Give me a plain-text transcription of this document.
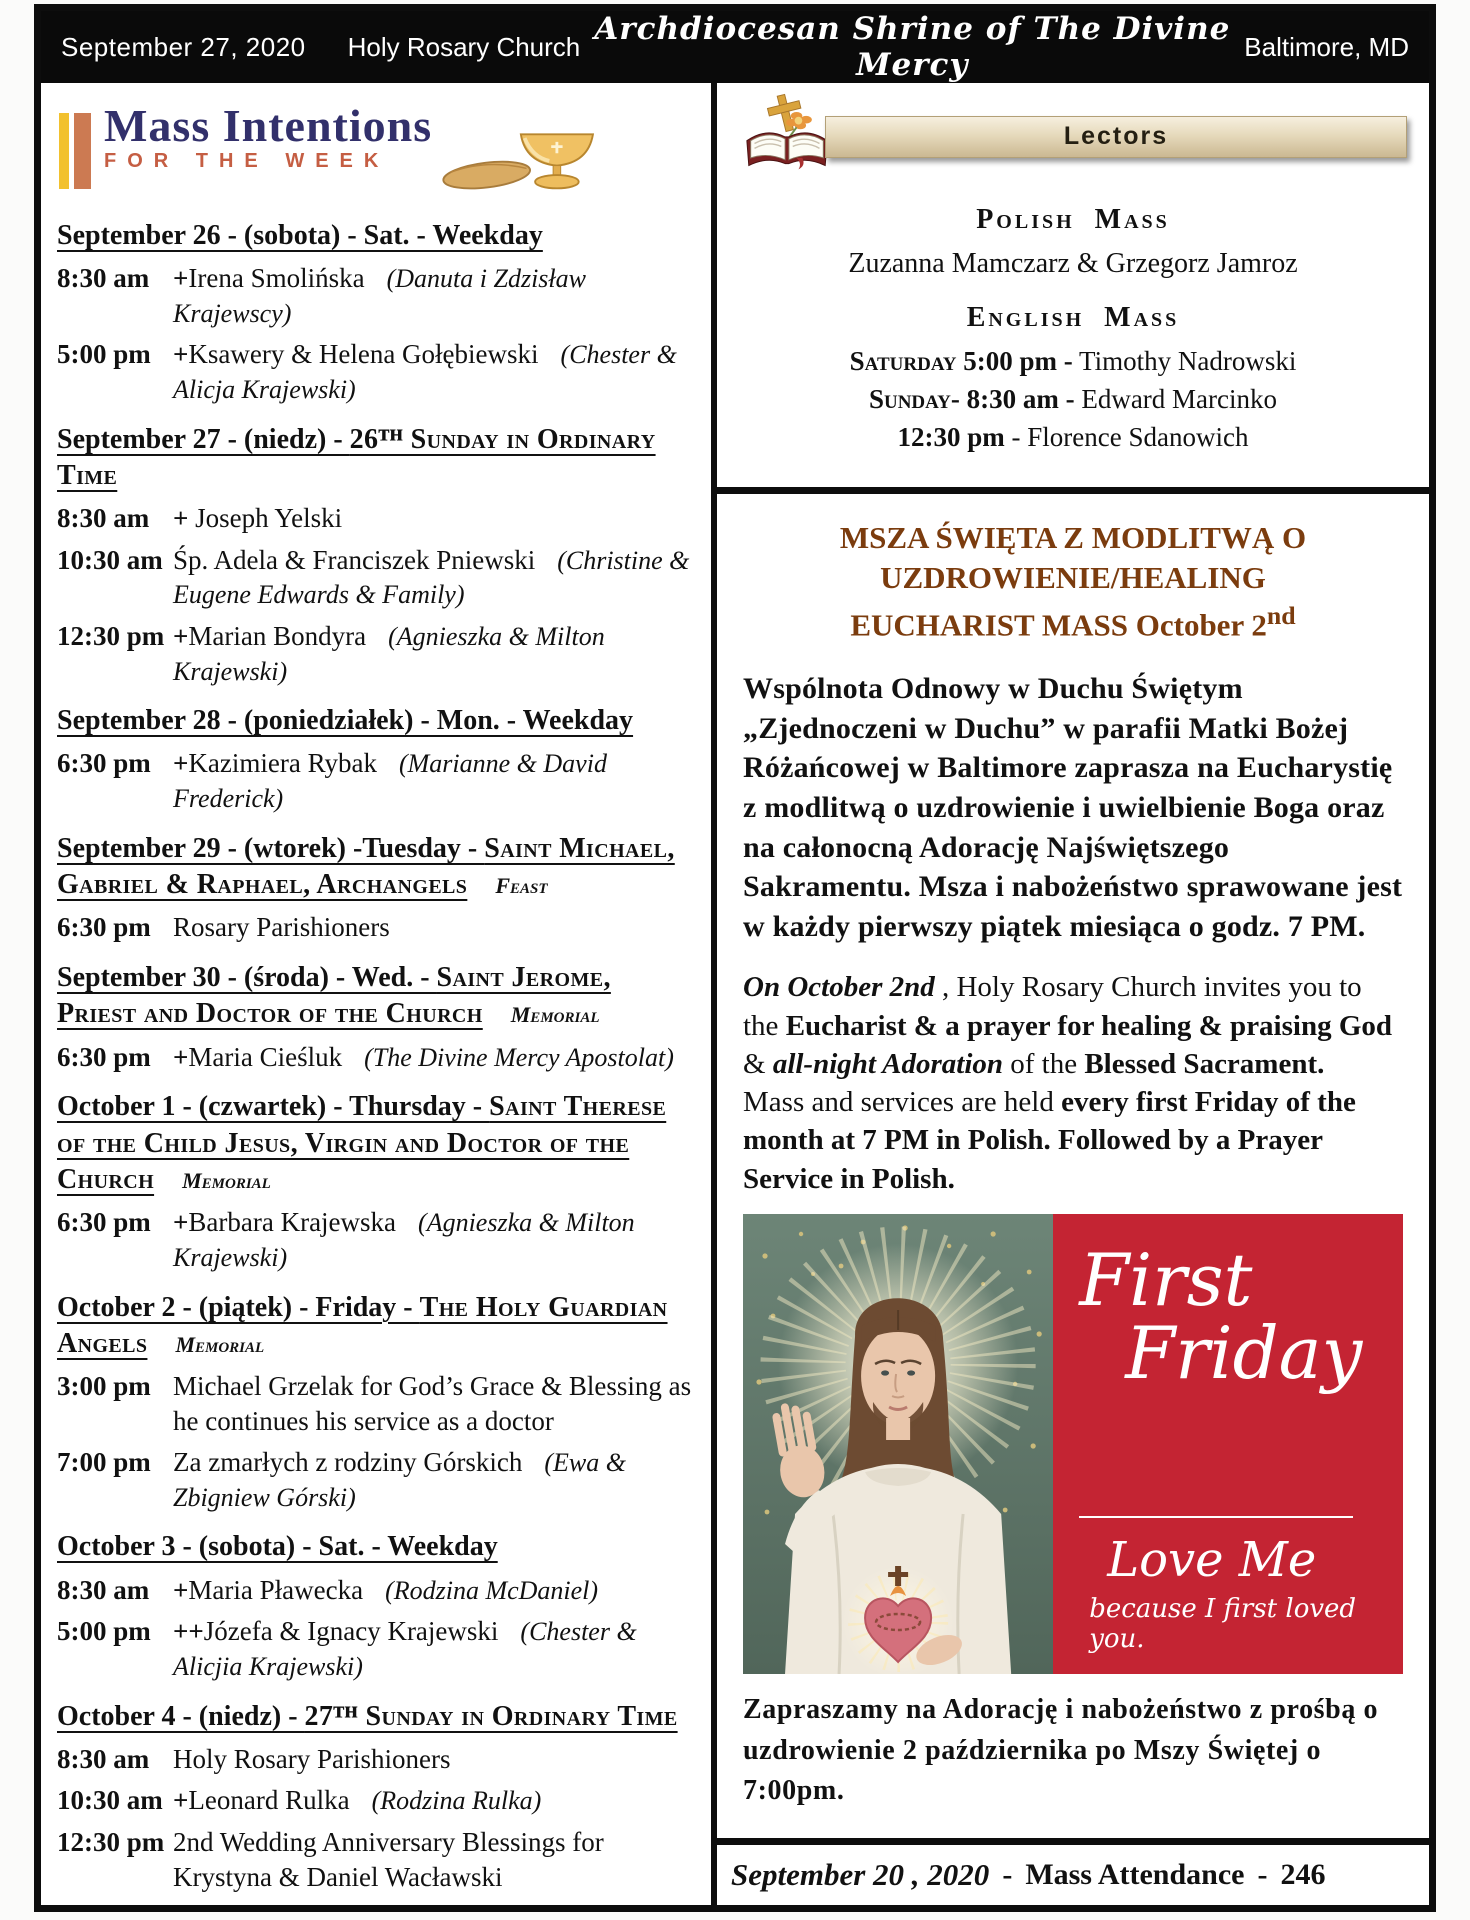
September 27, 2020 Holy Rosary Church Archdiocesan Shrine of The Divine Mercy
Baltimore, MD
Mass Intentions
FOR THE WEEK
September 26 - (sobota) - Sat. - Weekday
8:30 am +Irena Smolińska (Danuta i Zdzisław Krajewscy)
5:00 pm +Ksawery & Helena Gołębiewski (Chester & Alicja Krajewski)
September 27 - (niedz) - 26ᵀᴴ Sunday in Ordinary Time
8:30 am + Joseph Yelski
10:30 am Śp. Adela & Franciszek Pniewski (Christine & Eugene Edwards & Family)
12:30 pm +Marian Bondyra (Agnieszka & Milton Krajewski)
September 28 - (poniedziałek) - Mon. - Weekday
6:30 pm +Kazimiera Rybak (Marianne & David Frederick)
September 29 - (wtorek) -Tuesday - Saint Michael, Gabriel & Raphael, Archangels Feast
6:30 pm Rosary Parishioners
September 30 - (środa) - Wed. - Saint Jerome, Priest and Doctor of the Church Memorial
6:30 pm +Maria Cieśluk (The Divine Mercy Apostolat)
October 1 - (czwartek) - Thursday - Saint Therese of the Child Jesus, Virgin and Doctor of the Church Memorial
6:30 pm +Barbara Krajewska (Agnieszka & Milton Krajewski)
October 2 - (piątek) - Friday - The Holy Guardian Angels Memorial
3:00 pm Michael Grzelak for God’s Grace & Blessing as he continues his service as a doctor
7:00 pm Za zmarłych z rodziny Górskich (Ewa & Zbigniew Górski)
October 3 - (sobota) - Sat. - Weekday
8:30 am +Maria Pławecka (Rodzina McDaniel)
5:00 pm ++Józefa & Ignacy Krajewski (Chester & Alicjia Krajewski)
October 4 - (niedz) - 27ᵀᴴ Sunday in Ordinary Time
8:30 am Holy Rosary Parishioners
10:30 am +Leonard Rulka (Rodzina Rulka)
12:30 pm 2nd Wedding Anniversary Blessings for Krystyna & Daniel Wacławski
Lectors
Polish Mass
Zuzanna Mamczarz & Grzegorz Jamroz
English Mass
Saturday 5:00 pm - Timothy Nadrowski
Sunday- 8:30 am - Edward Marcinko
12:30 pm - Florence Sdanowich
MSZA ŚWIĘTA Z MODLITWĄ O
UZDROWIENIE/HEALING
EUCHARIST MASS October 2nd

Wspólnota Odnowy w Duchu Świętym „Zjednoczeni w Duchu” w parafii Matki Bożej Różańcowej w Baltimore zaprasza na Eucharystię z modlitwą o uzdrowienie i uwielbienie Boga oraz na całonocną Adorację Najświętszego Sakramentu. Msza i nabożeństwo sprawowane jest w każdy pierwszy piątek miesiąca o godz. 7 PM.

On October 2nd , Holy Rosary Church invites you to the Eucharist & a prayer for healing & praising God & all-night Adoration of the Blessed Sacrament.
Mass and services are held every first Friday of the month at 7 PM in Polish. Followed by a Prayer Service in Polish.

First
Friday
Love Me
because I first loved you.
Zapraszamy na Adorację i nabożeństwo z prośbą o uzdrowienie 2 października po Mszy Świętej o 7:00pm.
September 20 , 2020 - Mass Attendance - 246
